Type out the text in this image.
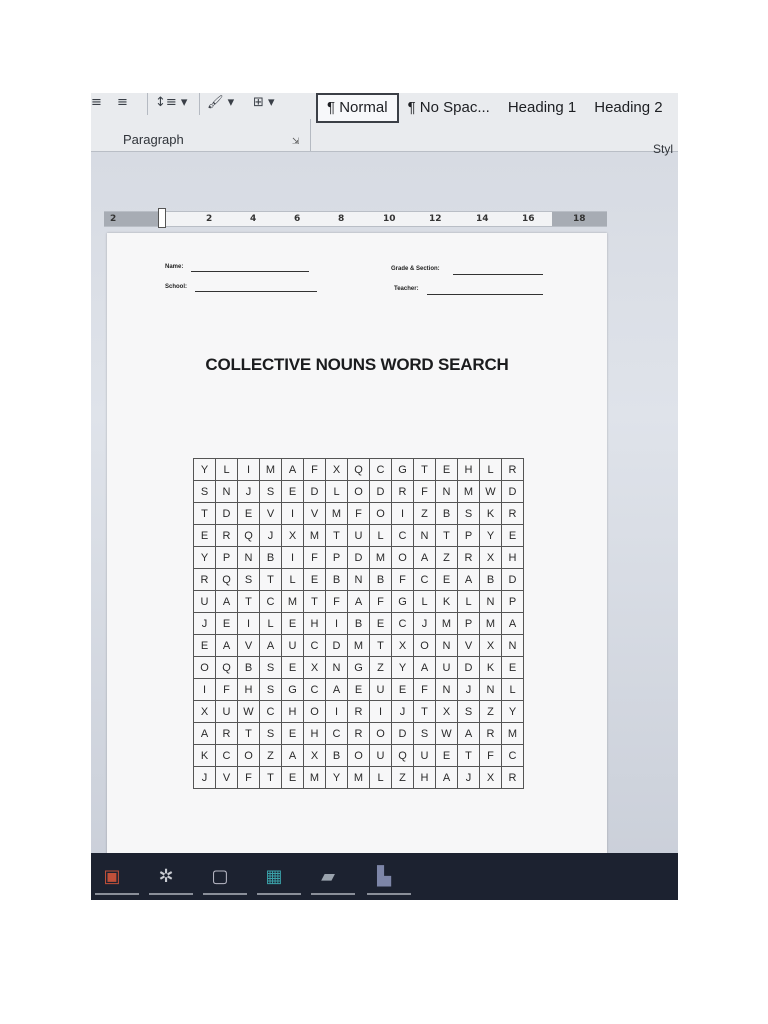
≡ ≡ ↕≡ ▾ 🖌 ▾ ⊞ ▾
Paragraph	⇲
¶ Normal	¶ No Spac...	Heading 1	Heading 2
Styl
2	2	4	6	8	10	12	14	16	18
Name:
School:
Grade & Section:
Teacher:
COLLECTIVE NOUNS WORD SEARCH
Y	L	I	M	A	F	X	Q	C	G	T	E	H	L	R
S	N	J	S	E	D	L	O	D	R	F	N	M	W	D
T	D	E	V	I	V	M	F	O	I	Z	B	S	K	R
E	R	Q	J	X	M	T	U	L	C	N	T	P	Y	E
Y	P	N	B	I	F	P	D	M	O	A	Z	R	X	H
R	Q	S	T	L	E	B	N	B	F	C	E	A	B	D
U	A	T	C	M	T	F	A	F	G	L	K	L	N	P
J	E	I	L	E	H	I	B	E	C	J	M	P	M	A
E	A	V	A	U	C	D	M	T	X	O	N	V	X	N
O	Q	B	S	E	X	N	G	Z	Y	A	U	D	K	E
I	F	H	S	G	C	A	E	U	E	F	N	J	N	L
X	U	W	C	H	O	I	R	I	J	T	X	S	Z	Y
A	R	T	S	E	H	C	R	O	D	S	W	A	R	M
K	C	O	Z	A	X	B	O	U	Q	U	E	T	F	C
J	V	F	T	E	M	Y	M	L	Z	H	A	J	X	R
▣	✲	▢	▦	▰	▙
